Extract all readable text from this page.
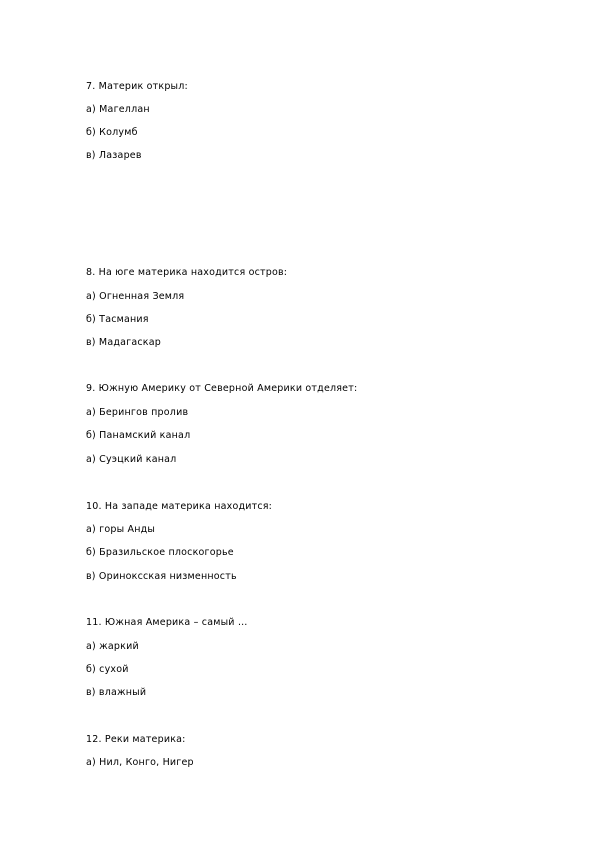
7. Материк открыл:
а) Магеллан
б) Колумб
в) Лазарев
8. На юге материка находится остров:
а) Огненная Земля
б) Тасмания
в) Мадагаскар
9. Южную Америку от Северной Америки отделяет:
а) Берингов пролив
б) Панамский канал
а) Суэцкий канал
10. На западе материка находится:
а) горы Анды
б) Бразильское плоскогорье
в) Ориноксская низменность
11. Южная Америка – самый …
а) жаркий
б) сухой
в) влажный
12. Реки материка:
а) Нил, Конго, Нигер
